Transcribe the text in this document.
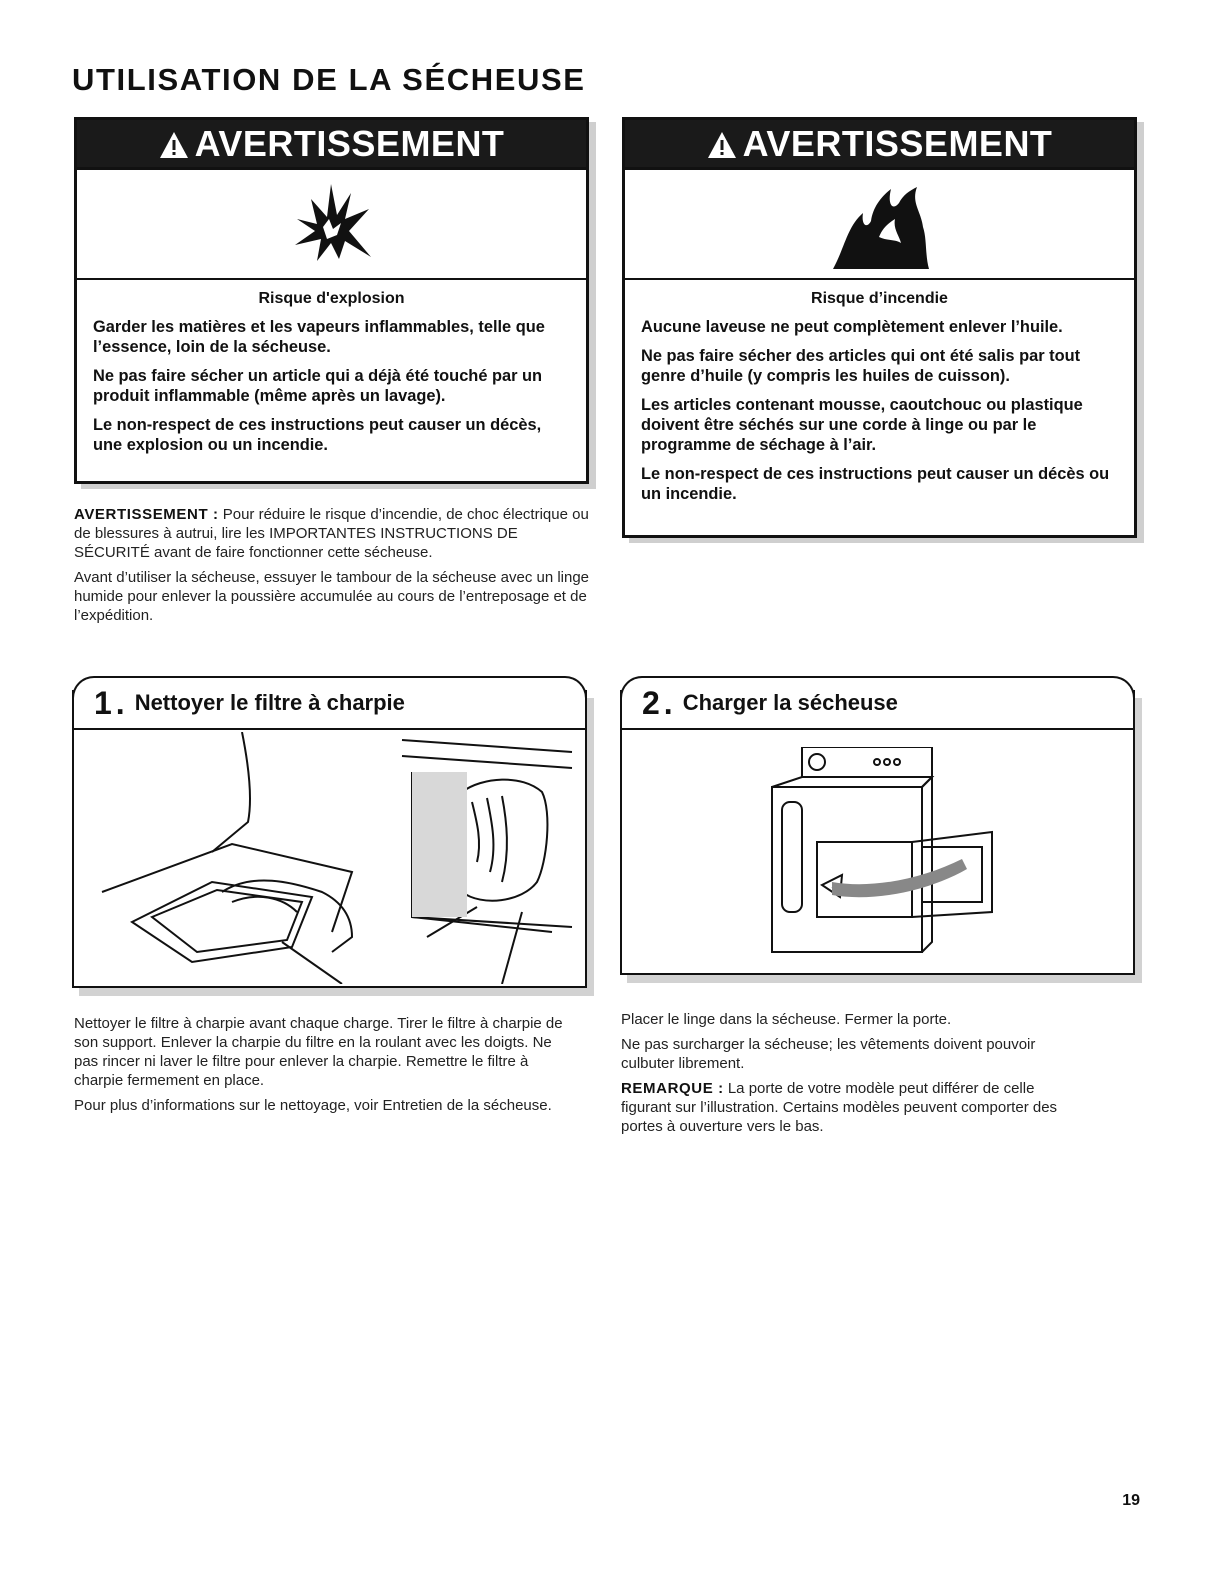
UTILISATION DE LA SÉCHEUSE
AVERTISSEMENT
Risque d'explosion

Garder les matières et les vapeurs inflammables, telle que l’essence, loin de la sécheuse.

Ne pas faire sécher un article qui a déjà été touché par un produit inflammable (même après un lavage).

Le non-respect de ces instructions peut causer un décès, une explosion ou un incendie.

AVERTISSEMENT
Risque d’incendie

Aucune laveuse ne peut complètement enlever l’huile.

Ne pas faire sécher des articles qui ont été salis par tout genre d’huile (y compris les huiles de cuisson).

Les articles contenant mousse, caoutchouc ou plastique doivent être séchés sur une corde à linge ou par le programme de séchage à l’air.

Le non-respect de ces instructions peut causer un décès ou un incendie.

AVERTISSEMENT : Pour réduire le risque d’incendie, de choc électrique ou de blessures à autrui, lire les IMPORTANTES INSTRUCTIONS DE SÉCURITÉ avant de faire fonctionner cette sécheuse.

Avant d’utiliser la sécheuse, essuyer le tambour de la sécheuse avec un linge humide pour enlever la poussière accumulée au cours de l’entreposage et de l’expédition.

1 . Nettoyer le filtre à charpie	2 . Charger la sécheuse

Nettoyer le filtre à charpie avant chaque charge. Tirer le filtre à charpie de son support. Enlever la charpie du filtre en la roulant avec les doigts. Ne pas rincer ni laver le filtre pour enlever la charpie. Remettre le filtre à charpie fermement en place.

Pour plus d’informations sur le nettoyage, voir Entretien de la sécheuse.

Placer le linge dans la sécheuse. Fermer la porte.

Ne pas surcharger la sécheuse; les vêtements doivent pouvoir culbuter librement.

REMARQUE : La porte de votre modèle peut différer de celle figurant sur l’illustration. Certains modèles peuvent comporter des portes à ouverture vers le bas.

19
